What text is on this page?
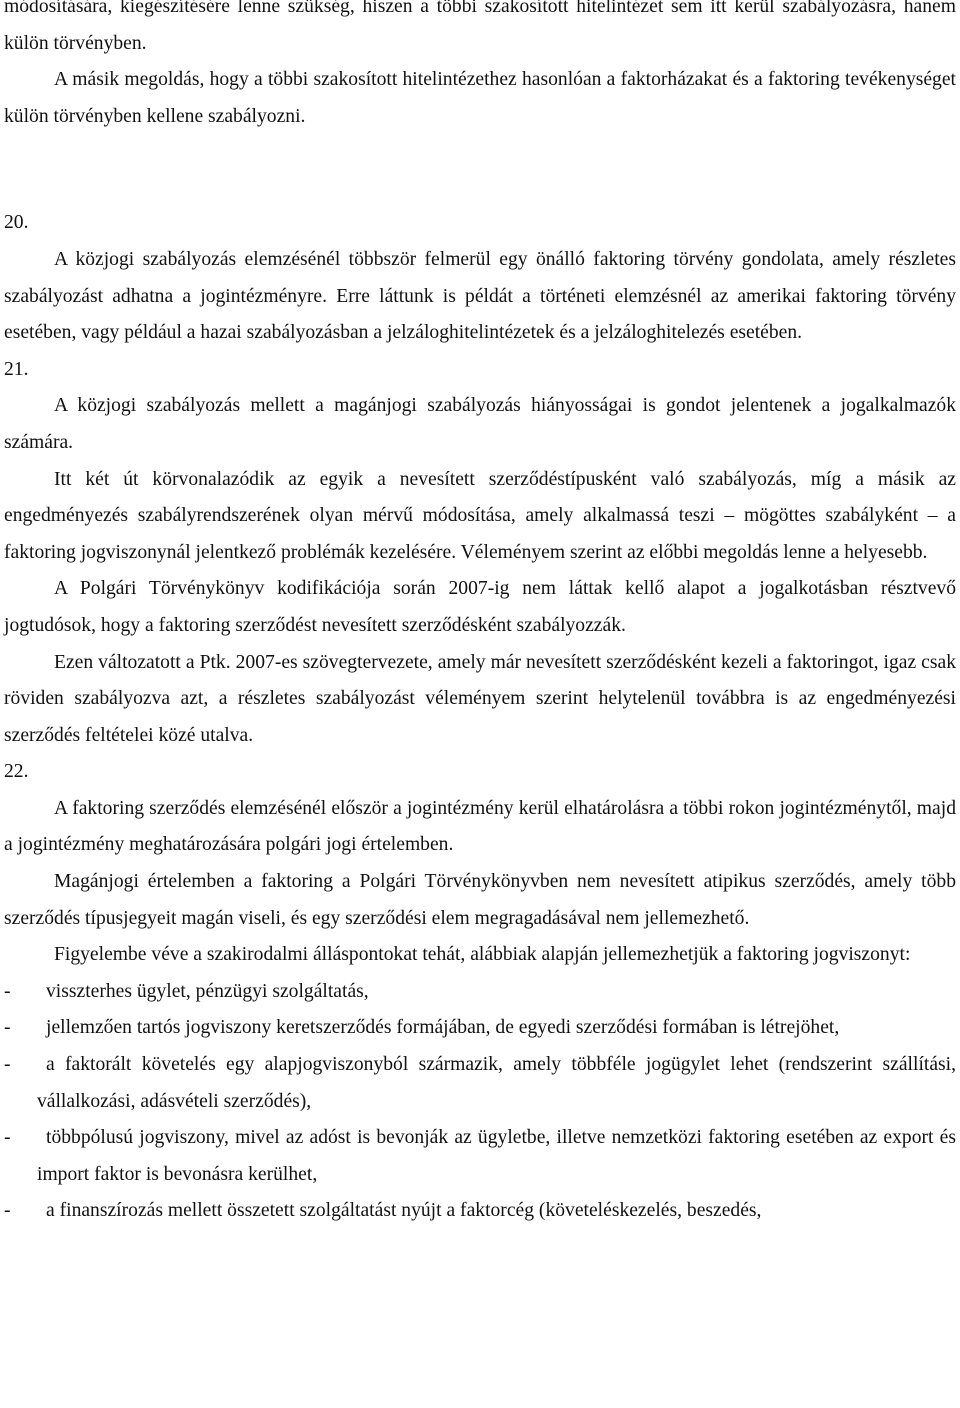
módosítására, kiegészítésére lenne szükség, hiszen a többi szakosított hitelintézet sem itt kerül szabályozásra, hanem külön törvényben.

A másik megoldás, hogy a többi szakosított hitelintézethez hasonlóan a faktorházakat és a faktoring tevékenységet külön törvényben kellene szabályozni.

20.

A közjogi szabályozás elemzésénél többször felmerül egy önálló faktoring törvény gondolata, amely részletes szabályozást adhatna a jogintézményre. Erre láttunk is példát a történeti elemzésnél az amerikai faktoring törvény esetében, vagy például a hazai szabályozásban a jelzáloghitelintézetek és a jelzáloghitelezés esetében.

21.

A közjogi szabályozás mellett a magánjogi szabályozás hiányosságai is gondot jelentenek a jogalkalmazók számára.

Itt két út körvonalazódik az egyik a nevesített szerződéstípusként való szabályozás, míg a másik az engedményezés szabályrendszerének olyan mérvű módosítása, amely alkalmassá teszi – mögöttes szabályként – a faktoring jogviszonynál jelentkező problémák kezelésére. Véleményem szerint az előbbi megoldás lenne a helyesebb.

A Polgári Törvénykönyv kodifikációja során 2007-ig nem láttak kellő alapot a jogalkotásban résztvevő jogtudósok, hogy a faktoring szerződést nevesített szerződésként szabályozzák.

Ezen változatott a Ptk. 2007-es szövegtervezete, amely már nevesített szerződésként kezeli a faktoringot, igaz csak röviden szabályozva azt, a részletes szabályozást véleményem szerint helytelenül továbbra is az engedményezési szerződés feltételei közé utalva.

22.

A faktoring szerződés elemzésénél először a jogintézmény kerül elhatárolásra a többi rokon jogintézménytől, majd a jogintézmény meghatározására polgári jogi értelemben.

Magánjogi értelemben a faktoring a Polgári Törvénykönyvben nem nevesített atipikus szerződés, amely több szerződés típusjegyeit magán viseli, és egy szerződési elem megragadásával nem jellemezhető.

Figyelembe véve a szakirodalmi álláspontokat tehát, alábbiak alapján jellemezhetjük a faktoring jogviszonyt:

-	visszterhes ügylet, pénzügyi szolgáltatás,
-	jellemzően tartós jogviszony keretszerződés formájában, de egyedi szerződési formában is létrejöhet,
-	a faktorált követelés egy alapjogviszonyból származik, amely többféle jogügylet lehet (rendszerint szállítási, vállalkozási, adásvételi szerződés),
-	többpólusú jogviszony, mivel az adóst is bevonják az ügyletbe, illetve nemzetközi faktoring esetében az export és import faktor is bevonásra kerülhet,
-	a finanszírozás mellett összetett szolgáltatást nyújt a faktorcég (követeléskezelés, beszedés,
